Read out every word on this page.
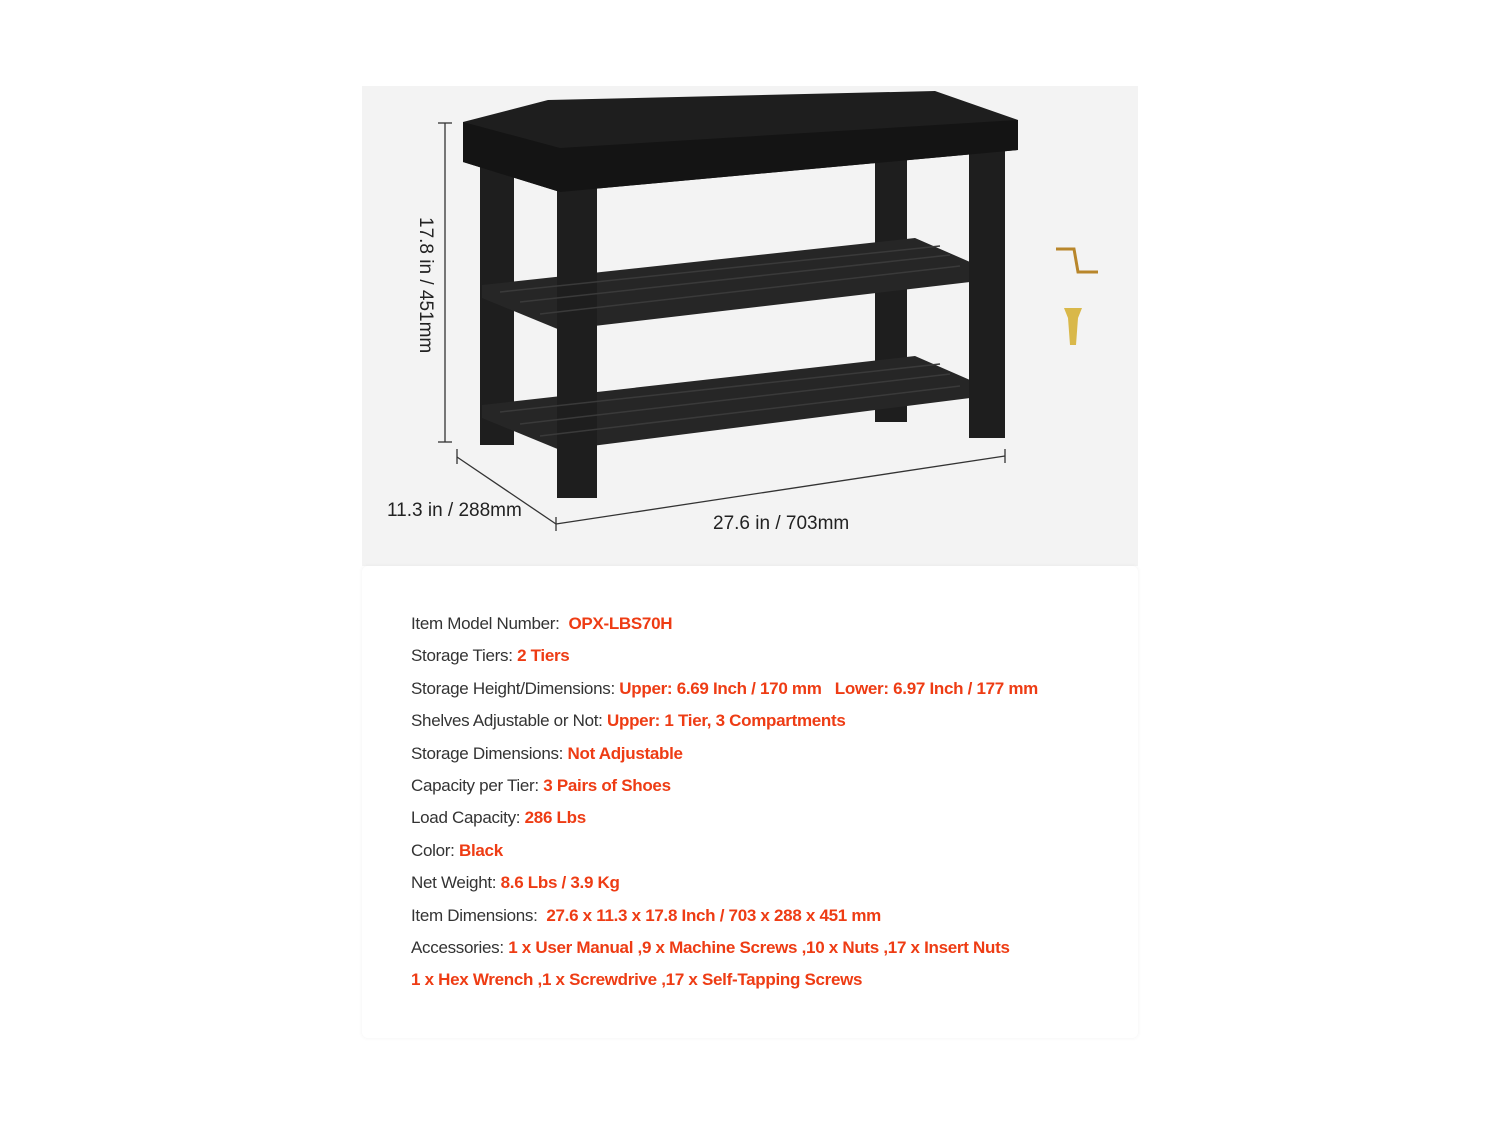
17.8 in / 451mm
11.3 in / 288mm
27.6 in / 703mm
Item Model Number:  OPX-LBS70H
Storage Tiers: 2 Tiers
Storage Height/Dimensions: Upper: 6.69 Inch / 170 mm   Lower: 6.97 Inch / 177 mm
Shelves Adjustable or Not: Upper: 1 Tier, 3 Compartments
Storage Dimensions: Not Adjustable
Capacity per Tier: 3 Pairs of Shoes
Load Capacity: 286 Lbs
Color: Black
Net Weight: 8.6 Lbs / 3.9 Kg
Item Dimensions:  27.6 x 11.3 x 17.8 Inch / 703 x 288 x 451 mm
Accessories: 1 x User Manual ,9 x Machine Screws ,10 x Nuts ,17 x Insert Nuts
1 x Hex Wrench ,1 x Screwdrive ,17 x Self-Tapping Screws
